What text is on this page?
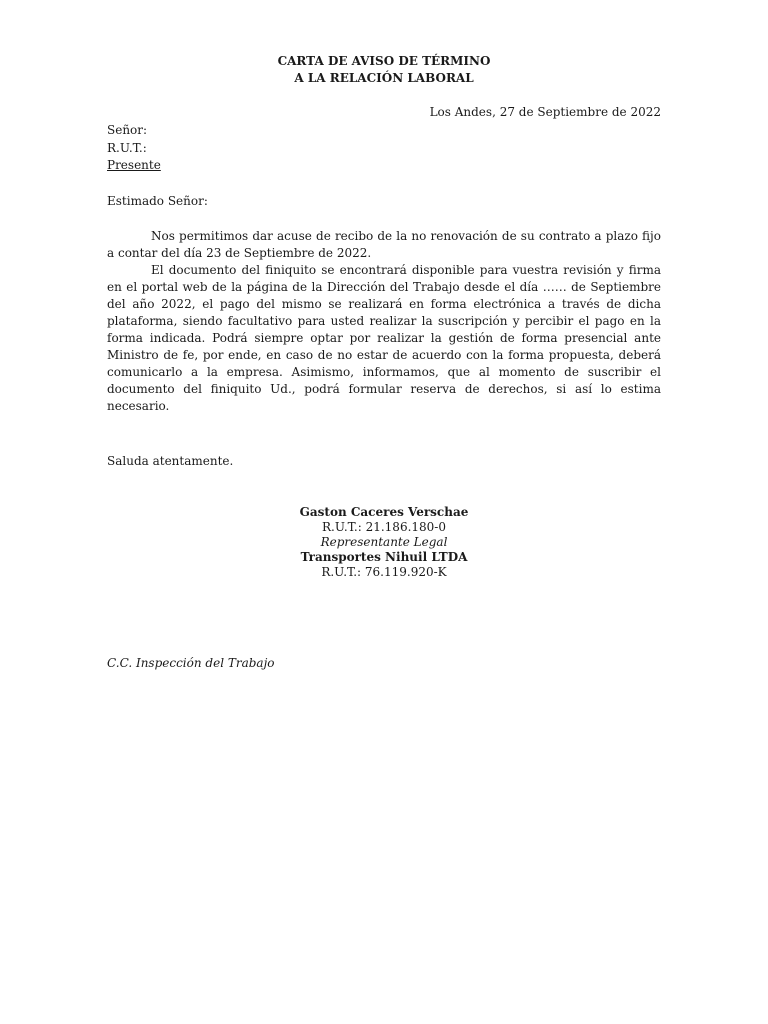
CARTA DE AVISO DE TÉRMINO
A LA RELACIÓN LABORAL
Los Andes, 27 de Septiembre de 2022
Señor:
R.U.T.:
Presente
Estimado Señor:

Nos permitimos dar acuse de recibo de la no renovación de su contrato a plazo fijo a contar del día 23 de Septiembre de 2022.

El documento del finiquito se encontrará disponible para vuestra revisión y firma en el portal web de la página de la Dirección del Trabajo desde el día …… de Septiembre del año 2022, el pago del mismo se realizará en forma electrónica a través de dicha plataforma, siendo facultativo para usted realizar la suscripción y percibir el pago en la forma indicada. Podrá siempre optar por realizar la gestión de forma presencial ante Ministro de fe, por ende, en caso de no estar de acuerdo con la forma propuesta, deberá comunicarlo a la empresa. Asimismo, informamos, que al momento de suscribir el documento del finiquito Ud., podrá formular reserva de derechos, si así lo estima necesario.

Saluda atentamente.
Gaston Caceres Verschae
R.U.T.: 21.186.180-0
Representante Legal
Transportes Nihuil LTDA
R.U.T.: 76.119.920-K
C.C. Inspección del Trabajo
